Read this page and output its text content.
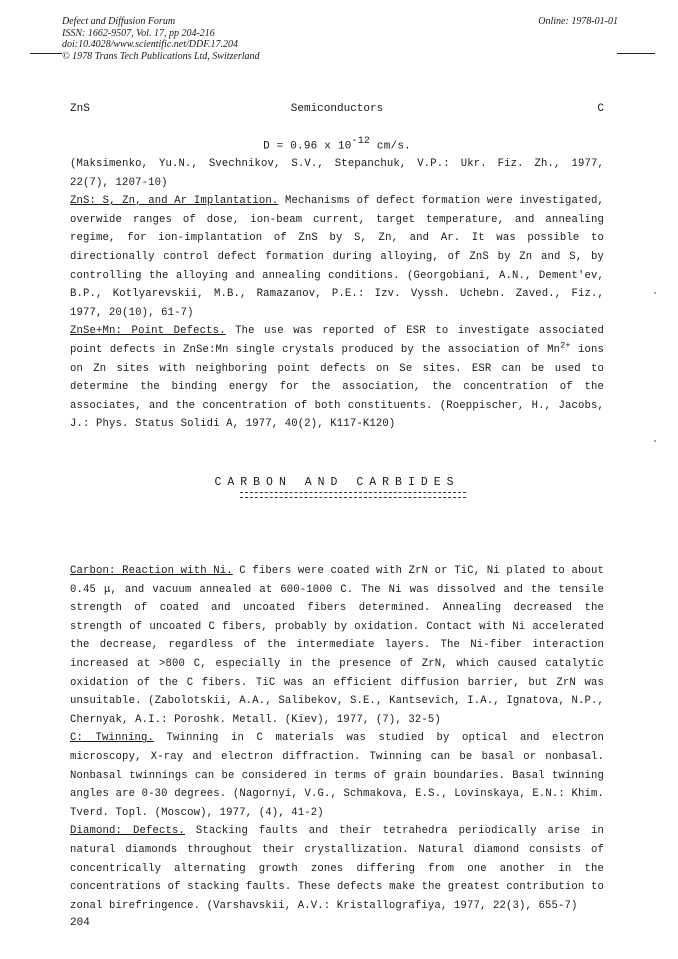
Defect and Diffusion Forum
ISSN: 1662-9507, Vol. 17, pp 204-216
doi:10.4028/www.scientific.net/DDF.17.204
© 1978 Trans Tech Publications Ltd, Switzerland
Online: 1978-01-01
Semiconductors
ZnS	C
D = 0.96 x $10^{-12}$ cm/s.

(Maksimenko, Yu.N., Svechnikov, S.V., Stepanchuk, V.P.: Ukr. Fiz. Zh., 1977, 22(7), 1207-10)

ZnS: S, Zn, and Ar Implantation. Mechanisms of defect formation were investigated, overwide ranges of dose, ion-beam current, target temperature, and annealing regime, for ion-implantation of ZnS by S, Zn, and Ar. It was possible to directionally control defect formation during alloying, of ZnS by Zn and S, by controlling the alloying and annealing conditions. (Georgobiani, A.N., Dement'ev, B.P., Kotlyarevskii, M.B., Ramazanov, P.E.: Izv. Vyssh. Uchebn. Zaved., Fiz., 1977, 20(10), 61-7)

ZnSe+Mn: Point Defects. The use was reported of ESR to investigate associated point defects in ZnSe:Mn single crystals produced by the association of $Mn^{2+}$ ions on Zn sites with neighboring point defects on Se sites. ESR can be used to determine the binding energy for the association, the concentration of the associates, and the concentration of both constituents. (Roeppischer, H., Jacobs, J.: Phys. Status Solidi A, 1977, 40(2), K117-K120)

CARBON AND CARBIDES

Carbon: Reaction with Ni. C fibers were coated with ZrN or TiC, Ni plated to about 0.45 μ, and vacuum annealed at 600-1000 C. The Ni was dissolved and the tensile strength of coated and uncoated fibers determined. Annealing decreased the strength of uncoated C fibers, probably by oxidation. Contact with Ni accelerated the decrease, regardless of the intermediate layers. The Ni-fiber interaction increased at >800 C, especially in the presence of ZrN, which caused catalytic oxidation of the C fibers. TiC was an efficient diffusion barrier, but ZrN was unsuitable. (Zabolotskii, A.A., Salibekov, S.E., Kantsevich, I.A., Ignatova, N.P., Chernyak, A.I.: Poroshk. Metall. (Kiev), 1977, (7), 32-5)

C: Twinning. Twinning in C materials was studied by optical and electron microscopy, X-ray and electron diffraction. Twinning can be basal or nonbasal. Nonbasal twinnings can be considered in terms of grain boundaries. Basal twinning angles are 0-30 degrees. (Nagornyi, V.G., Schmakova, E.S., Lovinskaya, E.N.: Khim. Tverd. Topl. (Moscow), 1977, (4), 41-2)

Diamond: Defects. Stacking faults and their tetrahedra periodically arise in natural diamonds throughout their crystallization. Natural diamond consists of concentrically alternating growth zones differing from one another in the concentrations of stacking faults. These defects make the greatest contribution to zonal birefringence. (Varshavskii, A.V.: Kristallografiya, 1977, 22(3), 655-7)

204
